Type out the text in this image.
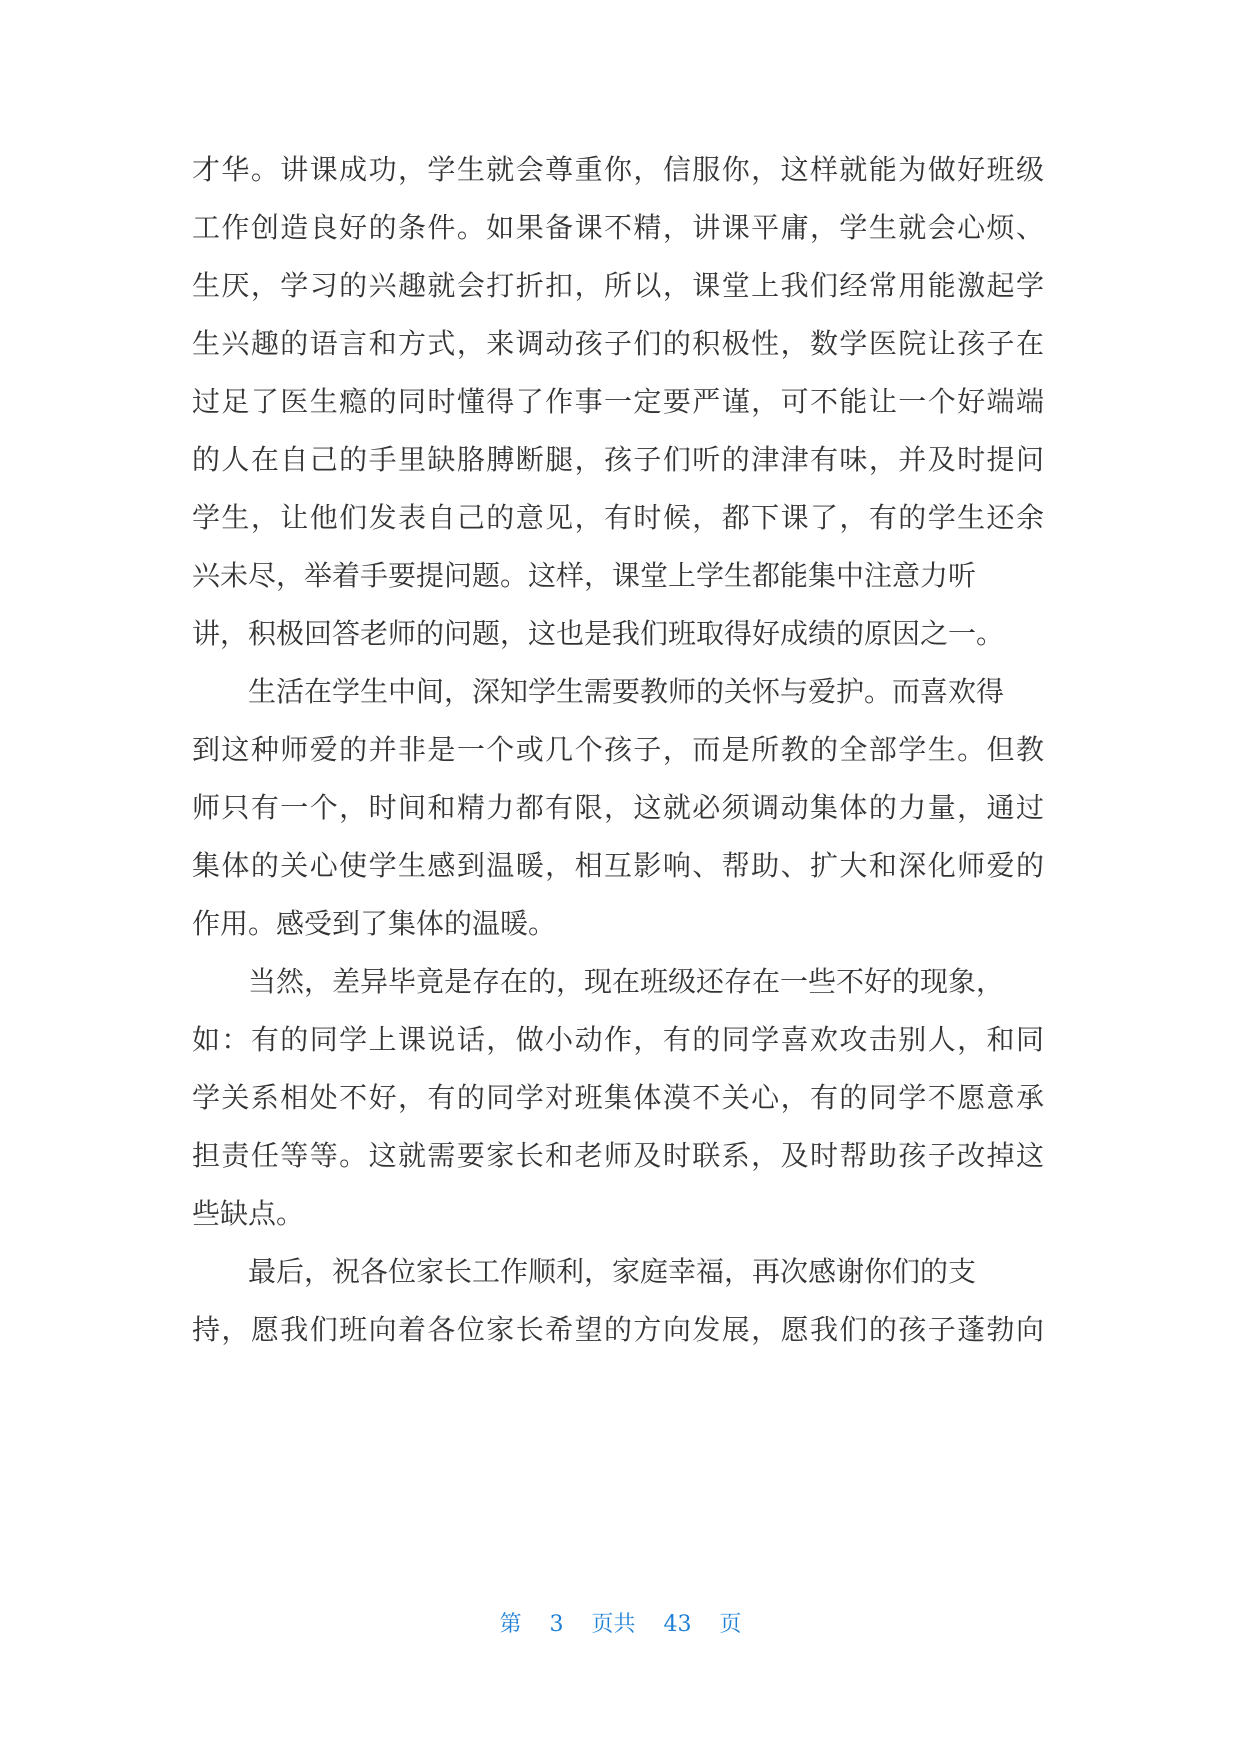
才华。讲课成功，学生就会尊重你，信服你，这样就能为做好班级
工作创造良好的条件。如果备课不精，讲课平庸，学生就会心烦、
生厌，学习的兴趣就会打折扣，所以，课堂上我们经常用能激起学
生兴趣的语言和方式，来调动孩子们的积极性，数学医院让孩子在
过足了医生瘾的同时懂得了作事一定要严谨，可不能让一个好端端
的人在自己的手里缺胳膊断腿，孩子们听的津津有味，并及时提问
学生，让他们发表自己的意见，有时候，都下课了，有的学生还余
兴未尽，举着手要提问题。这样，课堂上学生都能集中注意力听
讲，积极回答老师的问题，这也是我们班取得好成绩的原因之一。
生活在学生中间，深知学生需要教师的关怀与爱护。而喜欢得
到这种师爱的并非是一个或几个孩子，而是所教的全部学生。但教
师只有一个，时间和精力都有限，这就必须调动集体的力量，通过
集体的关心使学生感到温暖，相互影响、帮助、扩大和深化师爱的
作用。感受到了集体的温暖。
当然，差异毕竟是存在的，现在班级还存在一些不好的现象，
如：有的同学上课说话，做小动作，有的同学喜欢攻击别人，和同
学关系相处不好，有的同学对班集体漠不关心，有的同学不愿意承
担责任等等。这就需要家长和老师及时联系，及时帮助孩子改掉这
些缺点。
最后，祝各位家长工作顺利，家庭幸福，再次感谢你们的支
持，愿我们班向着各位家长希望的方向发展，愿我们的孩子蓬勃向
第 3 页共 43 页
